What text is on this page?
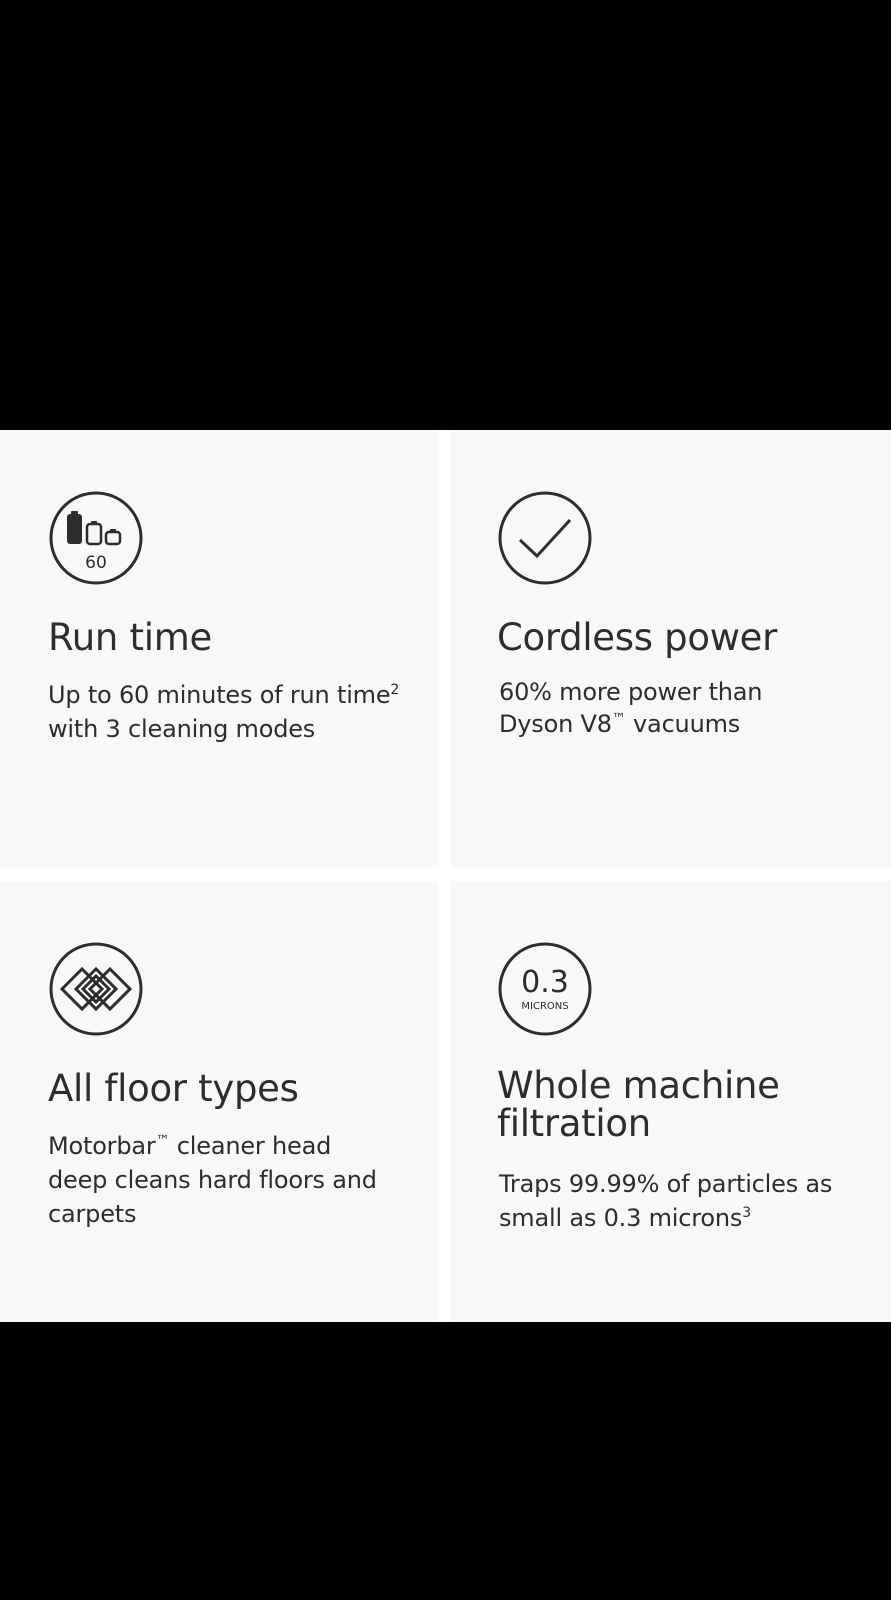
60
Run time
Up to 60 minutes of run time$^2$
with 3 cleaning modes
Cordless power
60% more power than
Dyson V8™ vacuums
All floor types
Motorbar™ cleaner head
deep cleans hard floors and
carpets
0.3
MICRONS
Whole machine
filtration
Traps 99.99% of particles as
small as 0.3 microns$^3$
